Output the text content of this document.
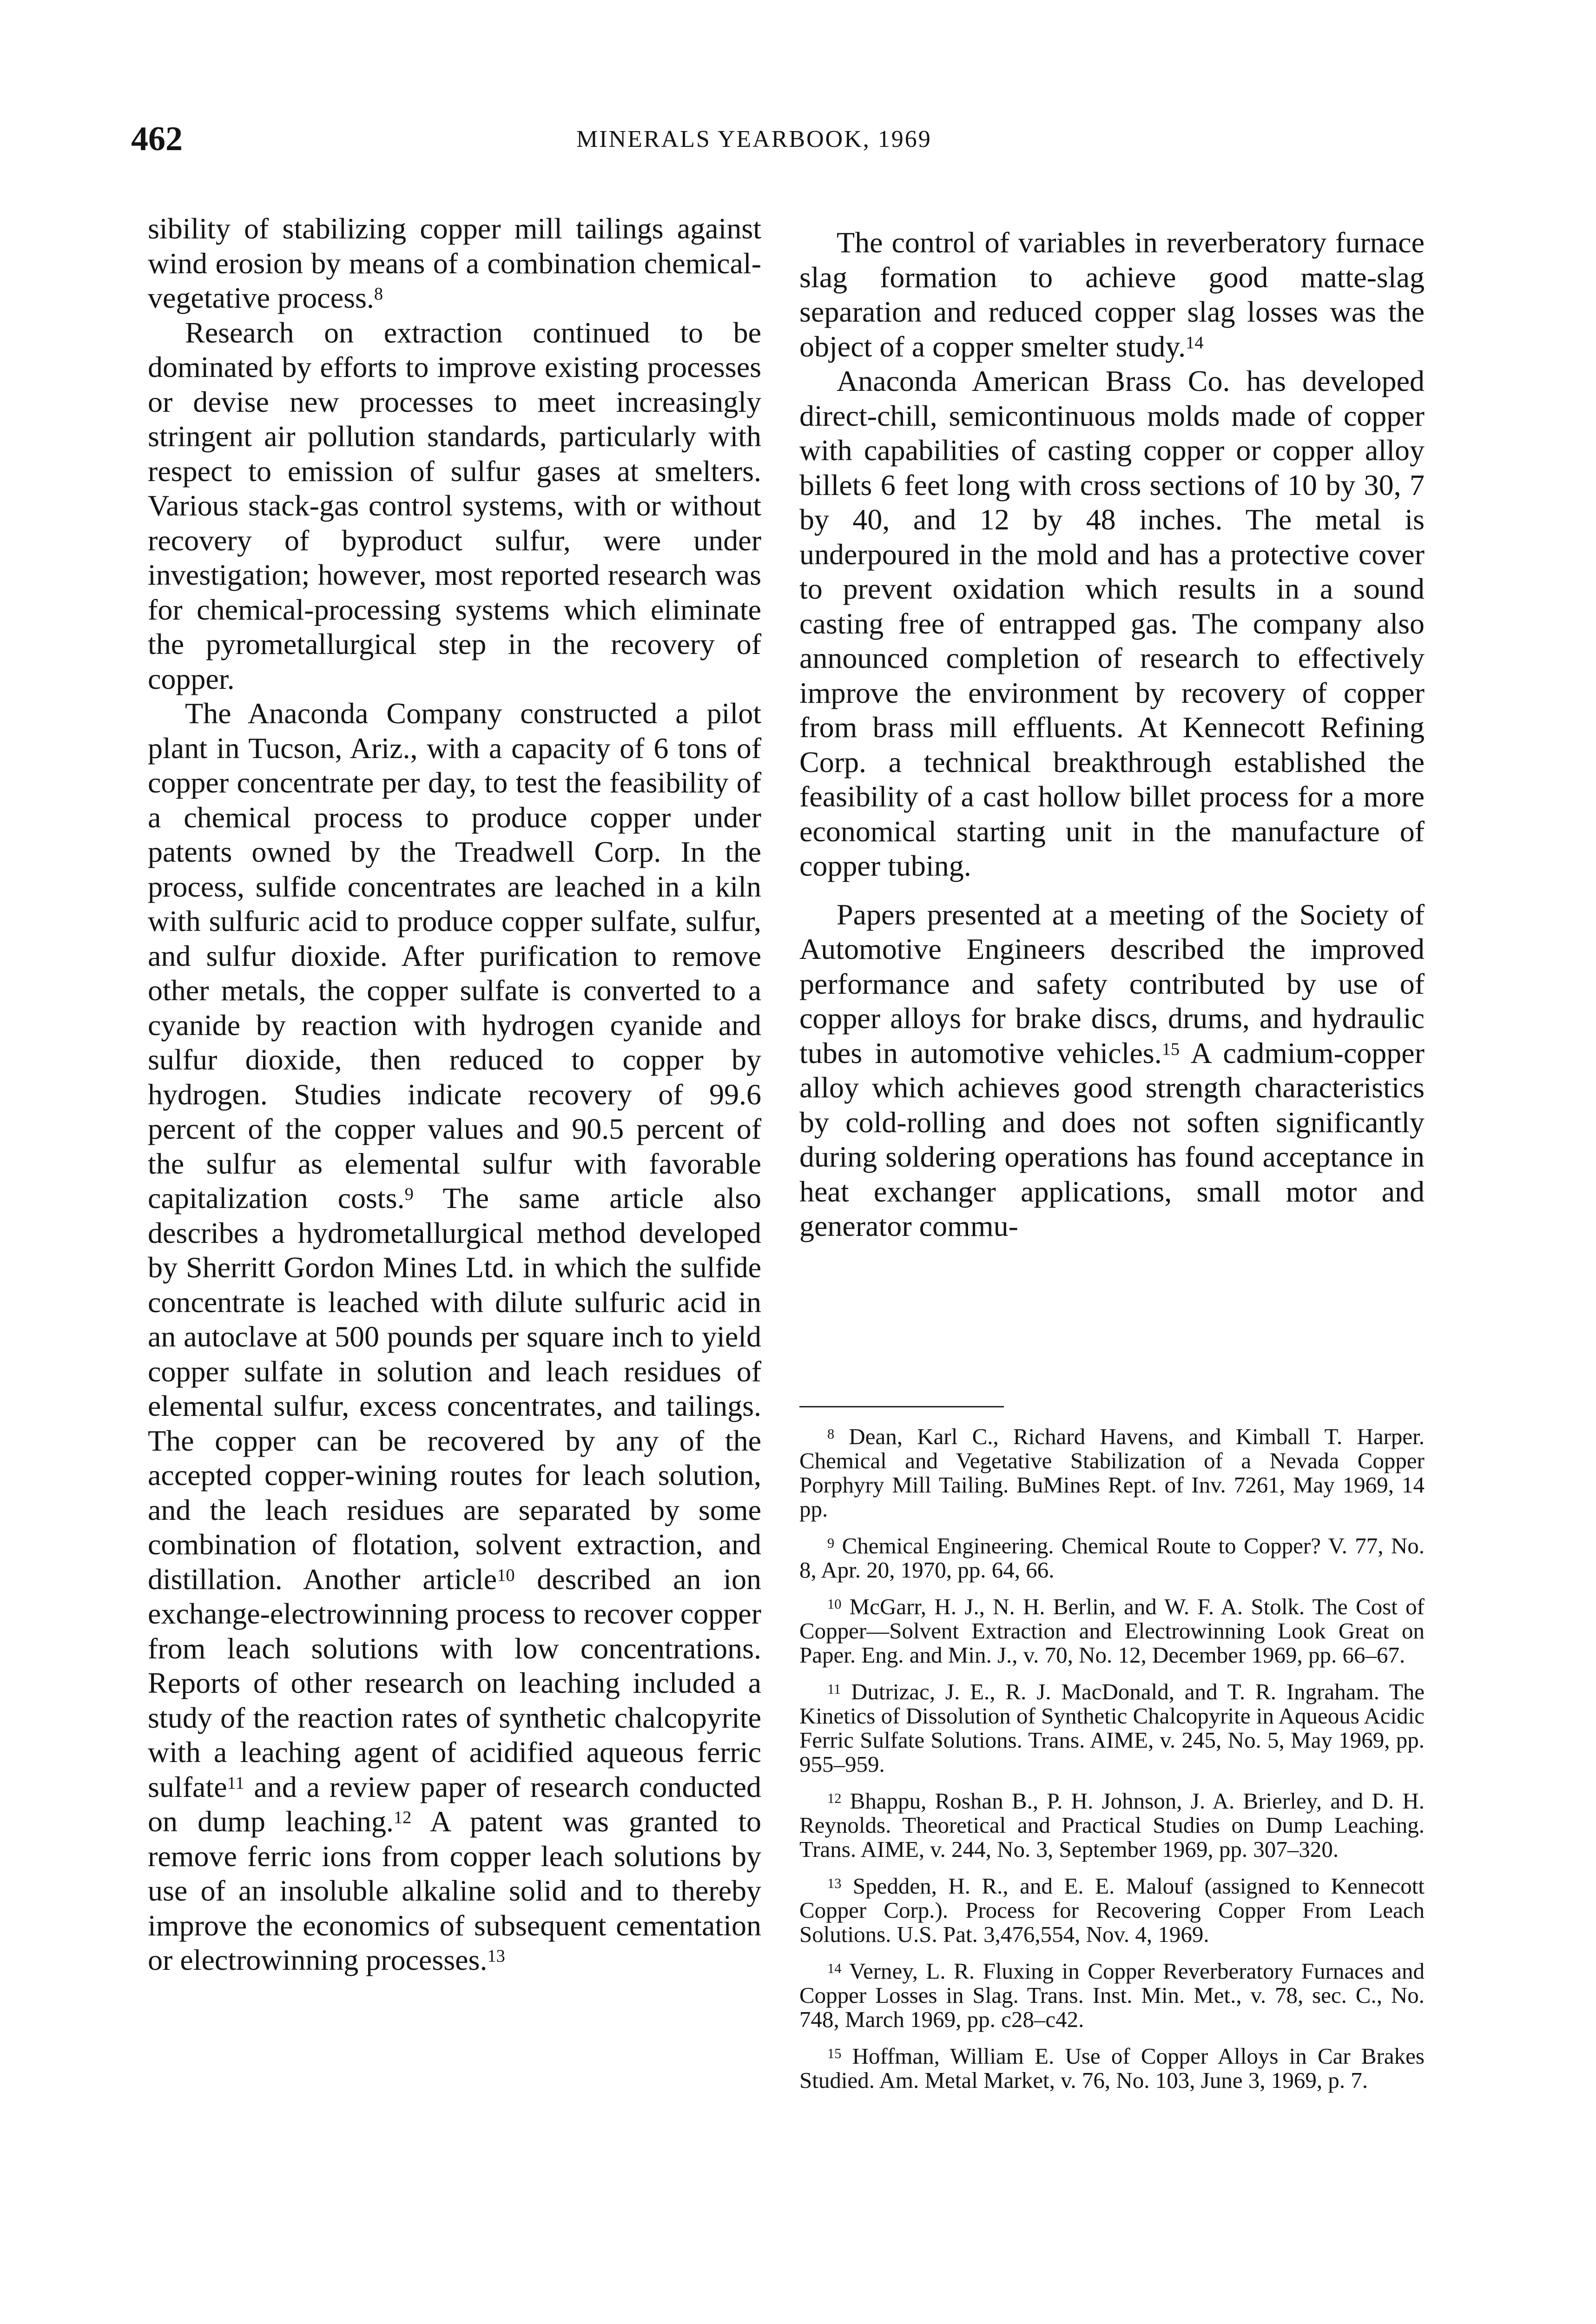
462	MINERALS YEARBOOK, 1969

sibility of stabilizing copper mill tailings against wind erosion by means of a combination chemical-vegetative process.$^8$

Research on extraction continued to be dominated by efforts to improve existing processes or devise new processes to meet increasingly stringent air pollution standards, particularly with respect to emission of sulfur gases at smelters. Various stack-gas control systems, with or without recovery of byproduct sulfur, were under investigation; however, most reported research was for chemical-processing systems which eliminate the pyrometallurgical step in the recovery of copper.

The Anaconda Company constructed a pilot plant in Tucson, Ariz., with a capacity of 6 tons of copper concentrate per day, to test the feasibility of a chemical process to produce copper under patents owned by the Treadwell Corp. In the process, sulfide concentrates are leached in a kiln with sulfuric acid to produce copper sulfate, sulfur, and sulfur dioxide. After purification to remove other metals, the copper sulfate is converted to a cyanide by reaction with hydrogen cyanide and sulfur dioxide, then reduced to copper by hydrogen. Studies indicate recovery of 99.6 percent of the copper values and 90.5 percent of the sulfur as elemental sulfur with favorable capitalization costs.$^9$ The same article also describes a hydrometallurgical method developed by Sherritt Gordon Mines Ltd. in which the sulfide concentrate is leached with dilute sulfuric acid in an autoclave at 500 pounds per square inch to yield copper sulfate in solution and leach residues of elemental sulfur, excess concentrates, and tailings. The copper can be recovered by any of the accepted copper-wining routes for leach solution, and the leach residues are separated by some combination of flotation, solvent extraction, and distillation. Another article$^{10}$ described an ion exchange-electrowinning process to recover copper from leach solutions with low concentrations. Reports of other research on leaching included a study of the reaction rates of synthetic chalcopyrite with a leaching agent of acidified aqueous ferric sulfate$^{11}$ and a review paper of research conducted on dump leaching.$^{12}$ A patent was granted to remove ferric ions from copper leach solutions by use of an insoluble alkaline solid and to thereby improve the economics of subsequent cementation or electrowinning processes.$^{13}$

The control of variables in reverberatory furnace slag formation to achieve good matte-slag separation and reduced copper slag losses was the object of a copper smelter study.$^{14}$

Anaconda American Brass Co. has developed direct-chill, semicontinuous molds made of copper with capabilities of casting copper or copper alloy billets 6 feet long with cross sections of 10 by 30, 7 by 40, and 12 by 48 inches. The metal is underpoured in the mold and has a protective cover to prevent oxidation which results in a sound casting free of entrapped gas. The company also announced completion of research to effectively improve the environment by recovery of copper from brass mill effluents. At Kennecott Refining Corp. a technical breakthrough established the feasibility of a cast hollow billet process for a more economical starting unit in the manufacture of copper tubing.

Papers presented at a meeting of the Society of Automotive Engineers described the improved performance and safety contributed by use of copper alloys for brake discs, drums, and hydraulic tubes in automotive vehicles.$^{15}$ A cadmium-copper alloy which achieves good strength characteristics by cold-rolling and does not soften significantly during soldering operations has found acceptance in heat exchanger applications, small motor and generator commu-

$^8$ Dean, Karl C., Richard Havens, and Kimball T. Harper. Chemical and Vegetative Stabilization of a Nevada Copper Porphyry Mill Tailing. BuMines Rept. of Inv. 7261, May 1969, 14 pp.

$^9$ Chemical Engineering. Chemical Route to Copper? V. 77, No. 8, Apr. 20, 1970, pp. 64, 66.

$^{10}$ McGarr, H. J., N. H. Berlin, and W. F. A. Stolk. The Cost of Copper—Solvent Extraction and Electrowinning Look Great on Paper. Eng. and Min. J., v. 70, No. 12, December 1969, pp. 66–67.

$^{11}$ Dutrizac, J. E., R. J. MacDonald, and T. R. Ingraham. The Kinetics of Dissolution of Synthetic Chalcopyrite in Aqueous Acidic Ferric Sulfate Solutions. Trans. AIME, v. 245, No. 5, May 1969, pp. 955–959.

$^{12}$ Bhappu, Roshan B., P. H. Johnson, J. A. Brierley, and D. H. Reynolds. Theoretical and Practical Studies on Dump Leaching. Trans. AIME, v. 244, No. 3, September 1969, pp. 307–320.

$^{13}$ Spedden, H. R., and E. E. Malouf (assigned to Kennecott Copper Corp.). Process for Recovering Copper From Leach Solutions. U.S. Pat. 3,476,554, Nov. 4, 1969.

$^{14}$ Verney, L. R. Fluxing in Copper Reverberatory Furnaces and Copper Losses in Slag. Trans. Inst. Min. Met., v. 78, sec. C., No. 748, March 1969, pp. c28–c42.

$^{15}$ Hoffman, William E. Use of Copper Alloys in Car Brakes Studied. Am. Metal Market, v. 76, No. 103, June 3, 1969, p. 7.
